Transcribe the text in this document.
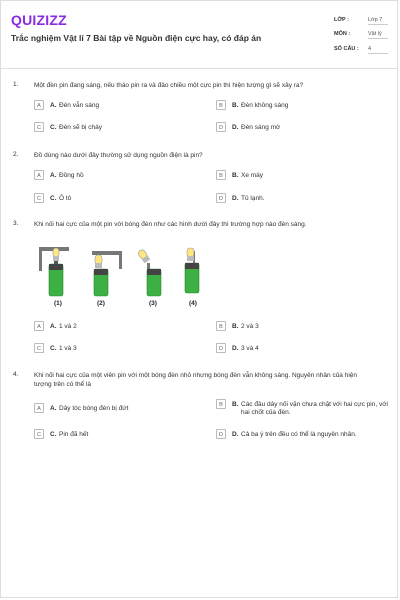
QUIZIZZ
Trắc nghiệm Vật lí 7 Bài tập về Nguồn điện cực hay, có đáp án
LỚP :	Lớp 7
MÔN :	Vật lý
SỐ CÂU : 4
1. Một đèn pin đang sáng, nếu tháo pin ra và đảo chiều một cực pin thì hiện tượng gì sẽ xảy ra?
A	A. Đèn vẫn sáng	B	B. Đèn không sáng
C	C. Đèn sẽ bị cháy	D	D. Đèn sáng mờ
2. Đồ dùng nào dưới đây thường sử dụng nguồn điện là pin?
A	A. Đồng hồ	B	B. Xe máy
C	C. Ô tô	D	D. Tủ lạnh.
3. Khi nối hai cực của một pin với bóng đèn như các hình dưới đây thì trường hợp nào đèn sáng.
A	A. 1 và 2	B	B. 2 và 3
C	C. 1 và 3	D	D. 3 và 4
(1)	(2)	(3)	(4)
4. Khi nối hai cực của một viên pin với một bóng đèn nhỏ nhưng bóng đèn vẫn không sáng. Nguyên nhân của hiện tượng trên có thể là
A	A. Dây tóc bóng đèn bị đứt	B	B. Các đầu dây nối vặn chưa chặt với hai cực pin, với hai chốt của đèn.
C	C. Pin đã hết	D	D. Cả ba ý trên đều có thể là nguyên nhân.
